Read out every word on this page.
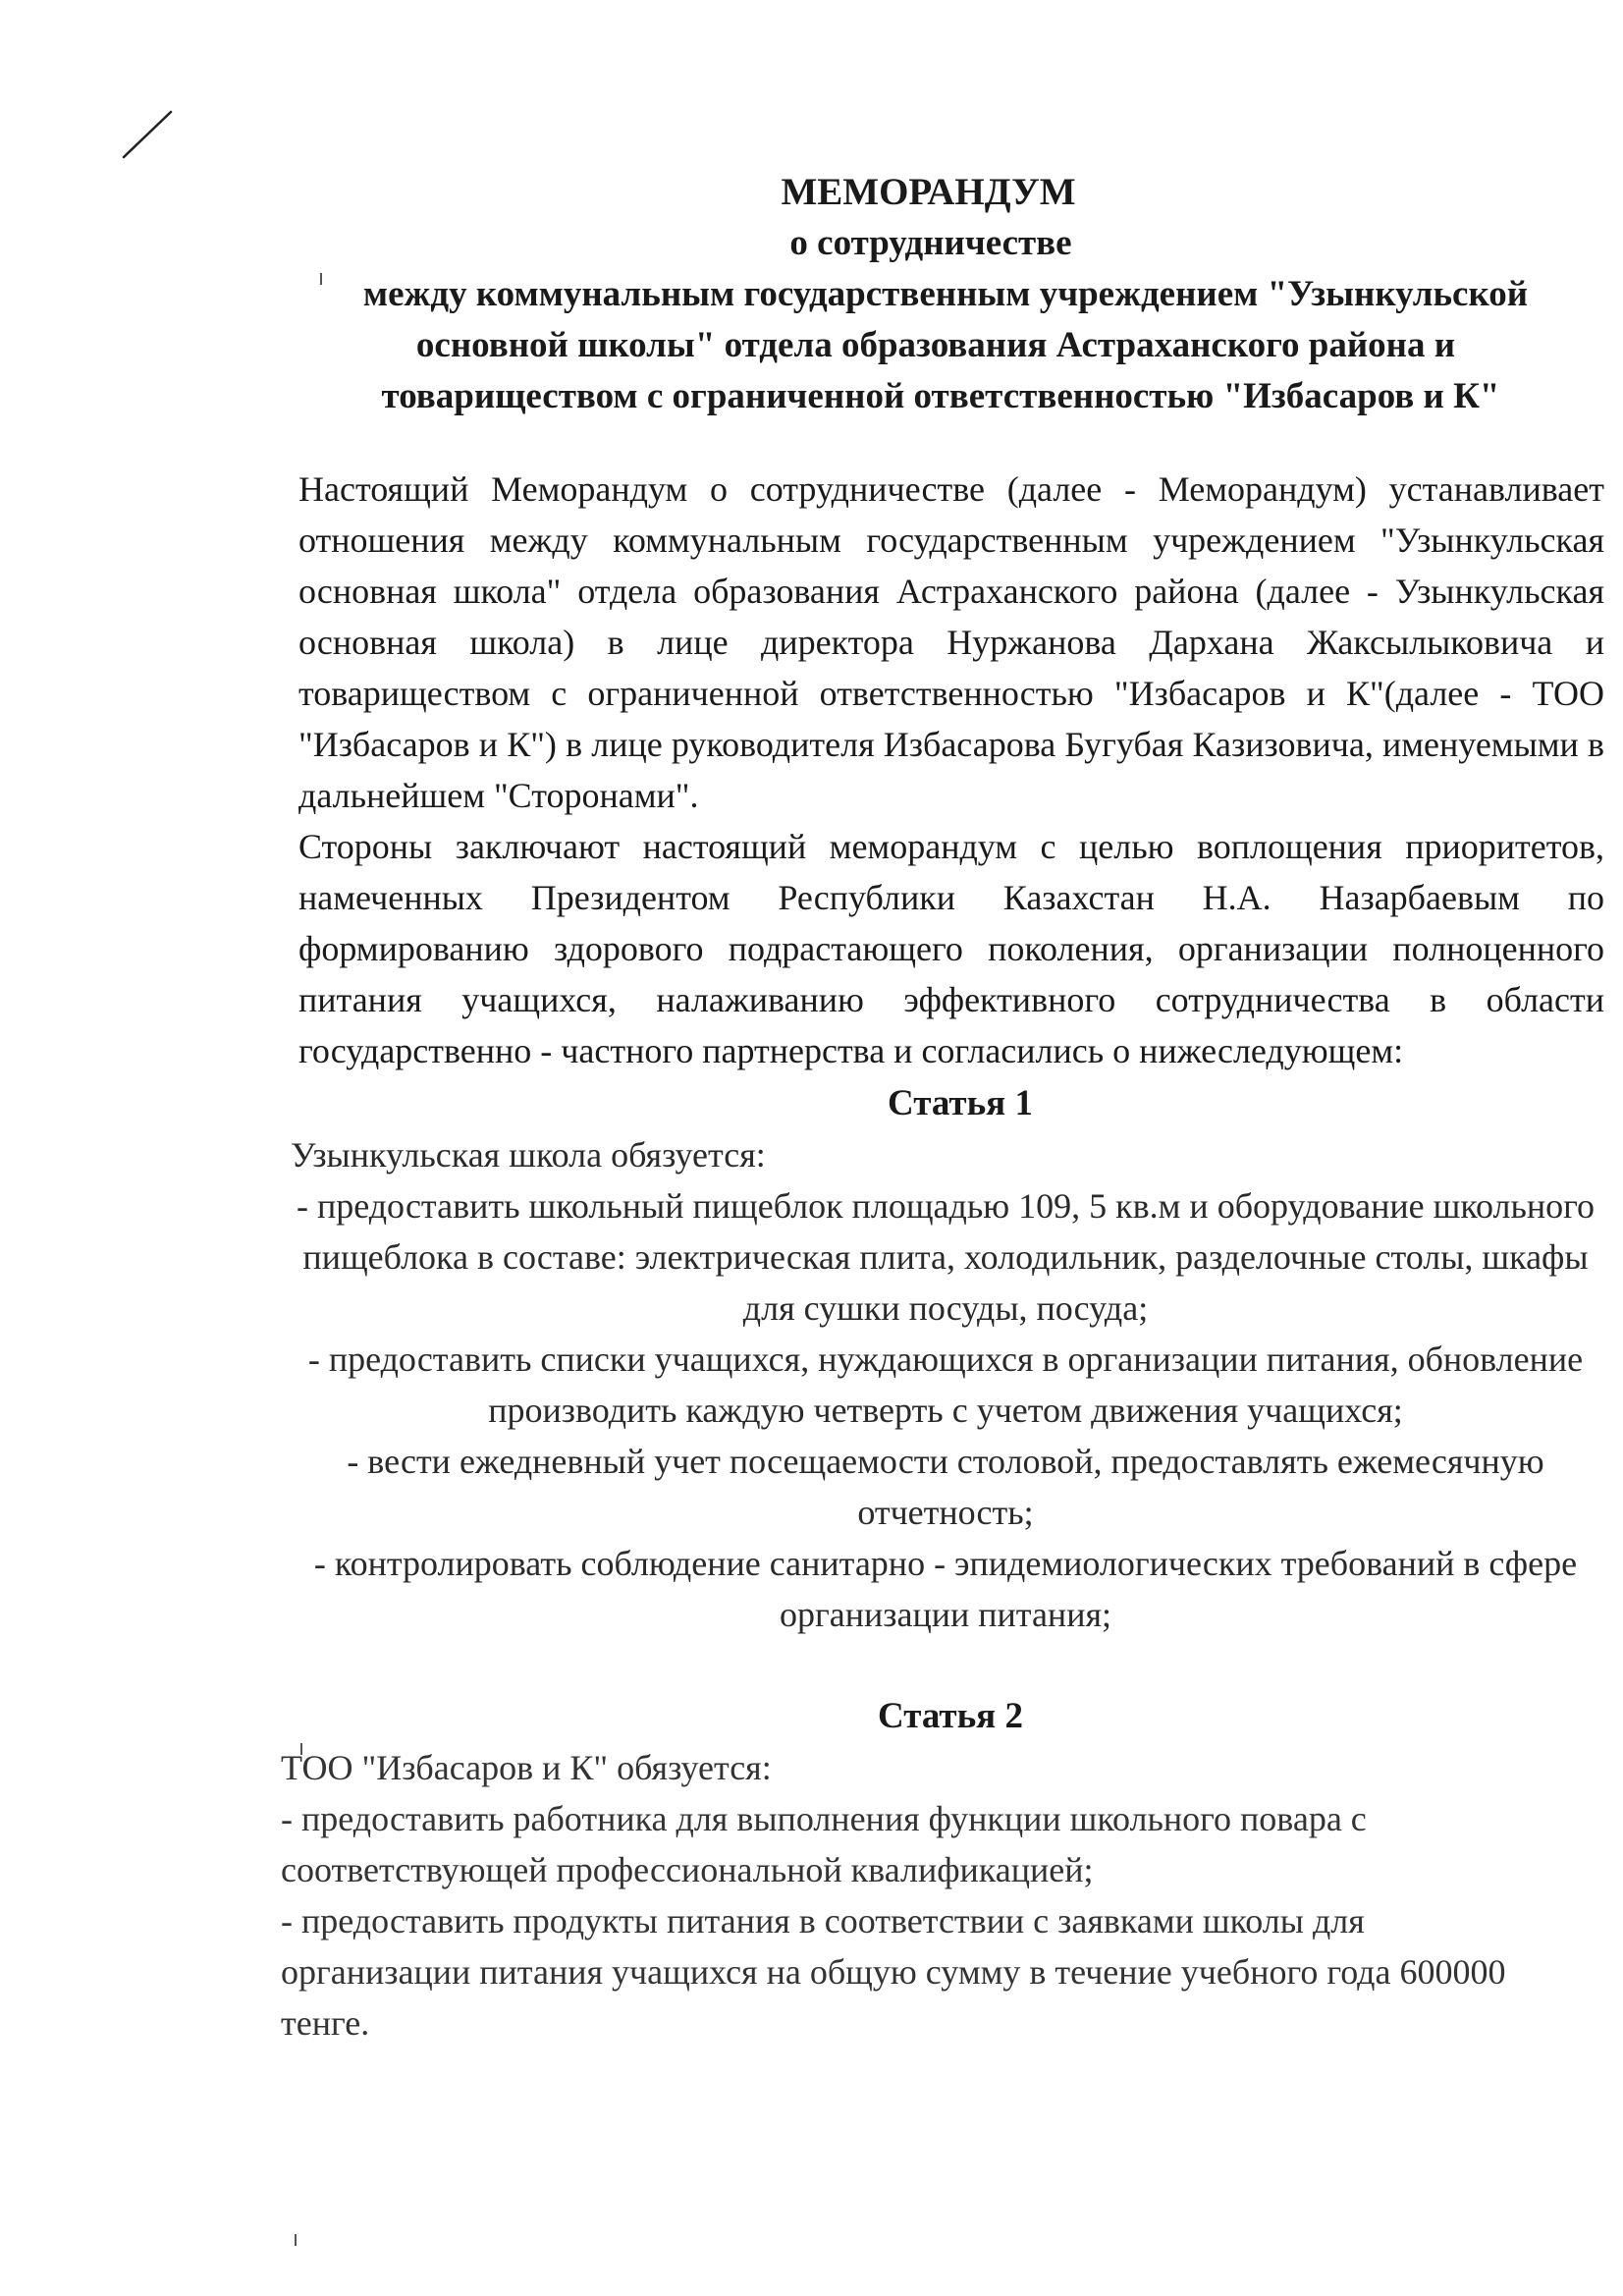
МЕМОРАНДУМ
о сотрудничестве
между коммунальным государственным учреждением "Узынкульской
основной школы" отдела образования Астраханского района и
товариществом с ограниченной ответственностью "Избасаров и К"

Настоящий Меморандум о сотрудничестве (далее - Меморандум) устанавливает отношения между коммунальным государственным учреждением "Узынкульская основная школа" отдела образования Астраханского района (далее - Узынкульская основная школа) в лице директора Нуржанова Дархана Жаксылыковича и товариществом с ограниченной ответственностью "Избасаров и К"(далее - ТОО "Избасаров и К") в лице руководителя Избасарова Бугубая Казизовича, именуемыми в дальнейшем "Сторонами".

Стороны заключают настоящий меморандум с целью воплощения приоритетов, намеченных Президентом Республики Казахстан Н.А. Назарбаевым по формированию здорового подрастающего поколения, организации полноценного питания учащихся, налаживанию эффективного сотрудничества в области государственно - частного партнерства и согласились о нижеследующем:

Статья 1
Узынкульская школа обязуется:

- предоставить школьный пищеблок площадью 109, 5 кв.м и оборудование школьного пищеблока в составе: электрическая плита, холодильник, разделочные столы, шкафы для сушки посуды, посуда;

- предоставить списки учащихся, нуждающихся в организации питания, обновление производить каждую четверть с учетом движения учащихся;

- вести ежедневный учет посещаемости столовой, предоставлять ежемесячную отчетность;

- контролировать соблюдение санитарно - эпидемиологических требований в сфере организации питания;

Статья 2

ТОО "Избасаров и К" обязуется:

- предоставить работника для выполнения функции школьного повара с соответствующей профессиональной квалификацией;

- предоставить продукты питания в соответствии с заявками школы для организации питания учащихся на общую сумму в течение учебного года 600000 тенге.
